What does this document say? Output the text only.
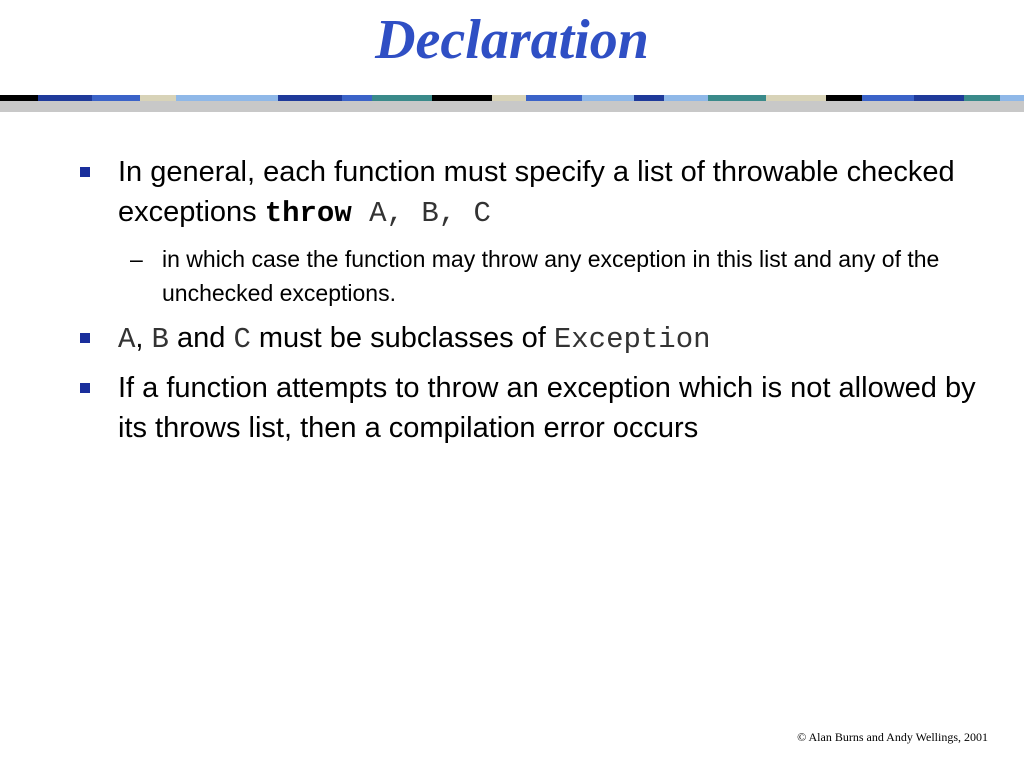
Declaration
In general, each function must specify a list of throwable checked exceptions throw A, B, C
– in which case the function may throw any exception in this list and any of the unchecked exceptions.
A, B and C must be subclasses of Exception
If a function attempts to throw an exception which is not allowed by its throws list, then a compilation error occurs
© Alan Burns and Andy Wellings, 2001
